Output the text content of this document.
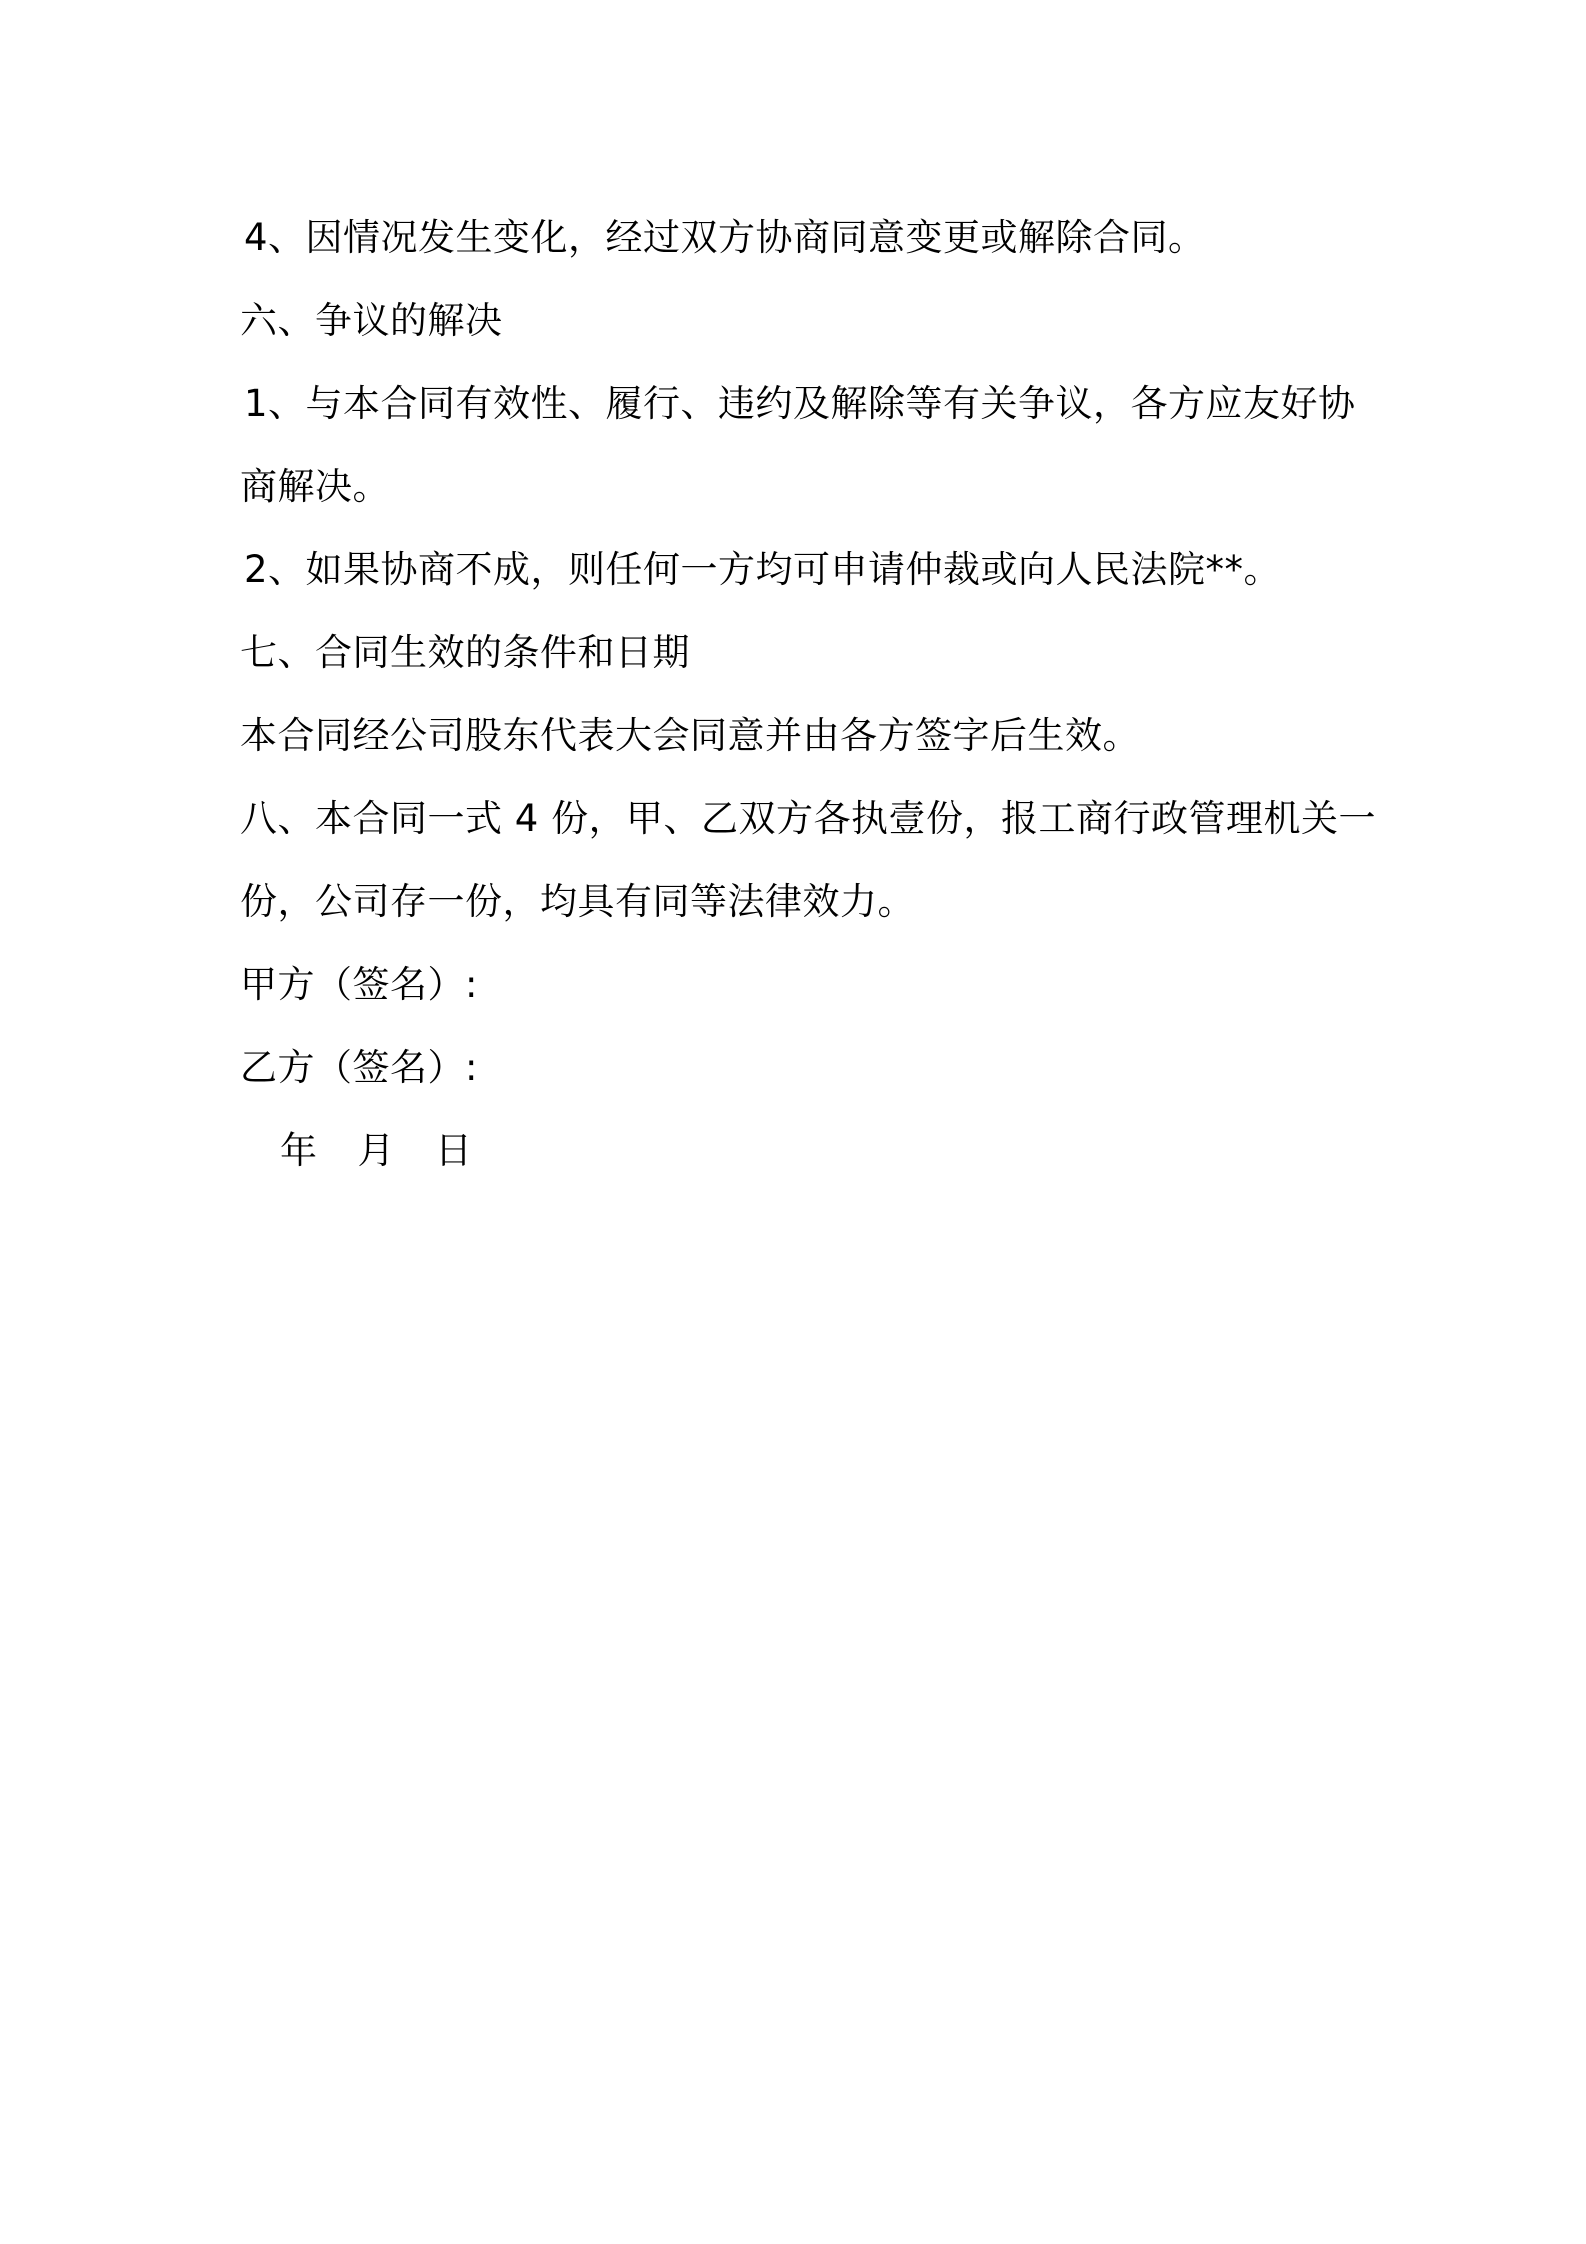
4、因情况发生变化，经过双方协商同意变更或解除合同。
六、争议的解决
1、与本合同有效性、履行、违约及解除等有关争议，各方应友好协
商解决。
2、如果协商不成，则任何一方均可申请仲裁或向人民法院**。
七、合同生效的条件和日期
本合同经公司股东代表大会同意并由各方签字后生效。
八、本合同一式 4 份，甲、乙双方各执壹份，报工商行政管理机关一
份，公司存一份，均具有同等法律效力。
甲方（签名）:
乙方（签名）:
年 月 日
